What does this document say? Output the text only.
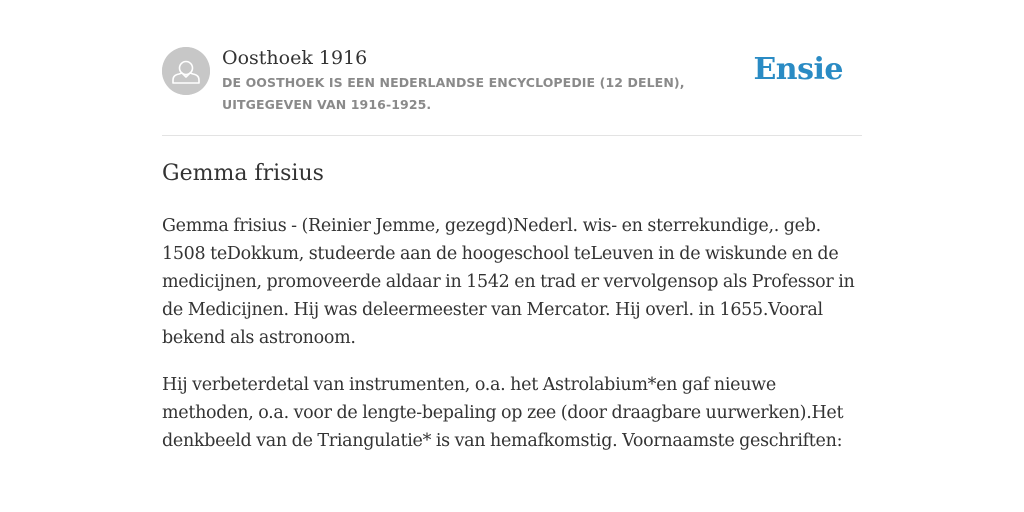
Oosthoek 1916
DE OOSTHOEK IS EEN NEDERLANDSE ENCYCLOPEDIE (12 DELEN), UITGEGEVEN VAN 1916-1925.
Ensie
Gemma frisius

Gemma frisius - (Reinier Jemme, gezegd)Nederl. wis- en sterrekundige,. geb. 1508 teDokkum, studeerde aan de hoogeschool teLeuven in de wiskunde en de medicijnen, promoveerde aldaar in 1542 en trad er vervolgensop als Professor in de Medicijnen. Hij was deleermeester van Mercator. Hij overl. in 1655.Vooral bekend als astronoom.

Hij verbeterdetal van instrumenten, o.a. het Astrolabium*en gaf nieuwe methoden, o.a. voor de lengte-bepaling op zee (door draagbare uurwerken).Het denkbeeld van de Triangulatie* is van hemafkomstig. Voornaamste geschriften:
